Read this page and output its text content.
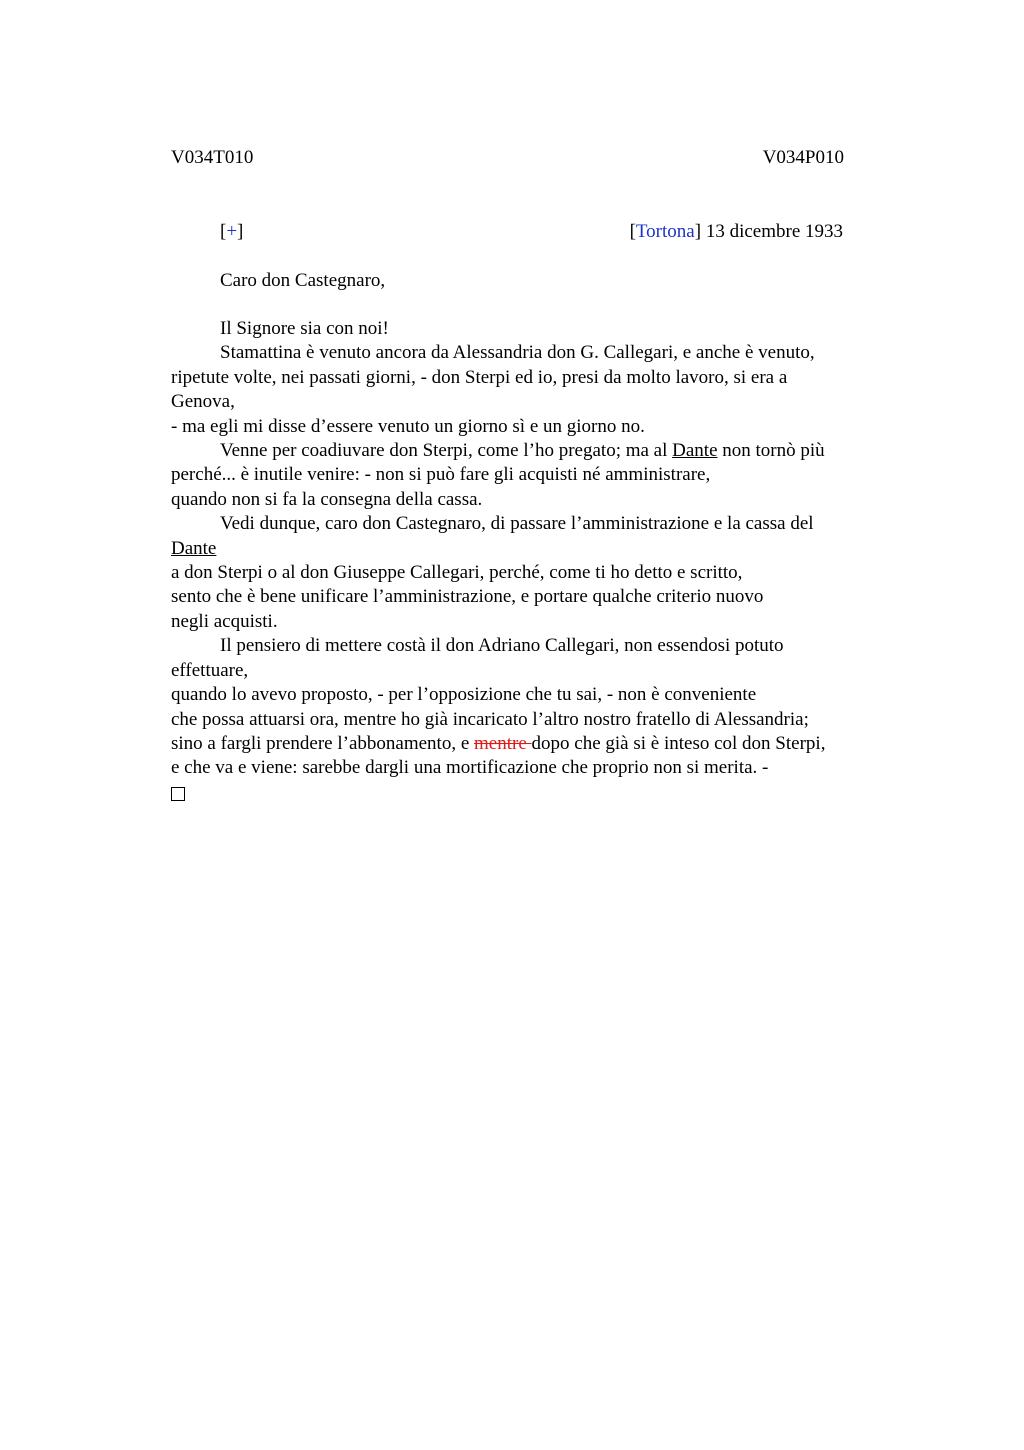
V034T010	V034P010
[+]	[Tortona] 13 dicembre 1933
Caro don Castegnaro,
Il Signore sia con noi!
Stamattina è venuto ancora da Alessandria don G. Callegari, e anche è venuto,
ripetute volte, nei passati giorni, - don Sterpi ed io, presi da molto lavoro, si era a
Genova,
- ma egli mi disse d’essere venuto un giorno sì e un giorno no.
Venne per coadiuvare don Sterpi, come l’ho pregato; ma al Dante non tornò più
perché... è inutile venire: - non si può fare gli acquisti né amministrare,
quando non si fa la consegna della cassa.
Vedi dunque, caro don Castegnaro, di passare l’amministrazione e la cassa del
Dante
a don Sterpi o al don Giuseppe Callegari, perché, come ti ho detto e scritto,
sento che è bene unificare l’amministrazione, e portare qualche criterio nuovo
negli acquisti.
Il pensiero di mettere costà il don Adriano Callegari, non essendosi potuto
effettuare,
quando lo avevo proposto, - per l’opposizione che tu sai, - non è conveniente
che possa attuarsi ora, mentre ho già incaricato l’altro nostro fratello di Alessandria;
sino a fargli prendere l’abbonamento, e mentre dopo che già si è inteso col don Sterpi,
e che va e viene: sarebbe dargli una mortificazione che proprio non si merita. -
